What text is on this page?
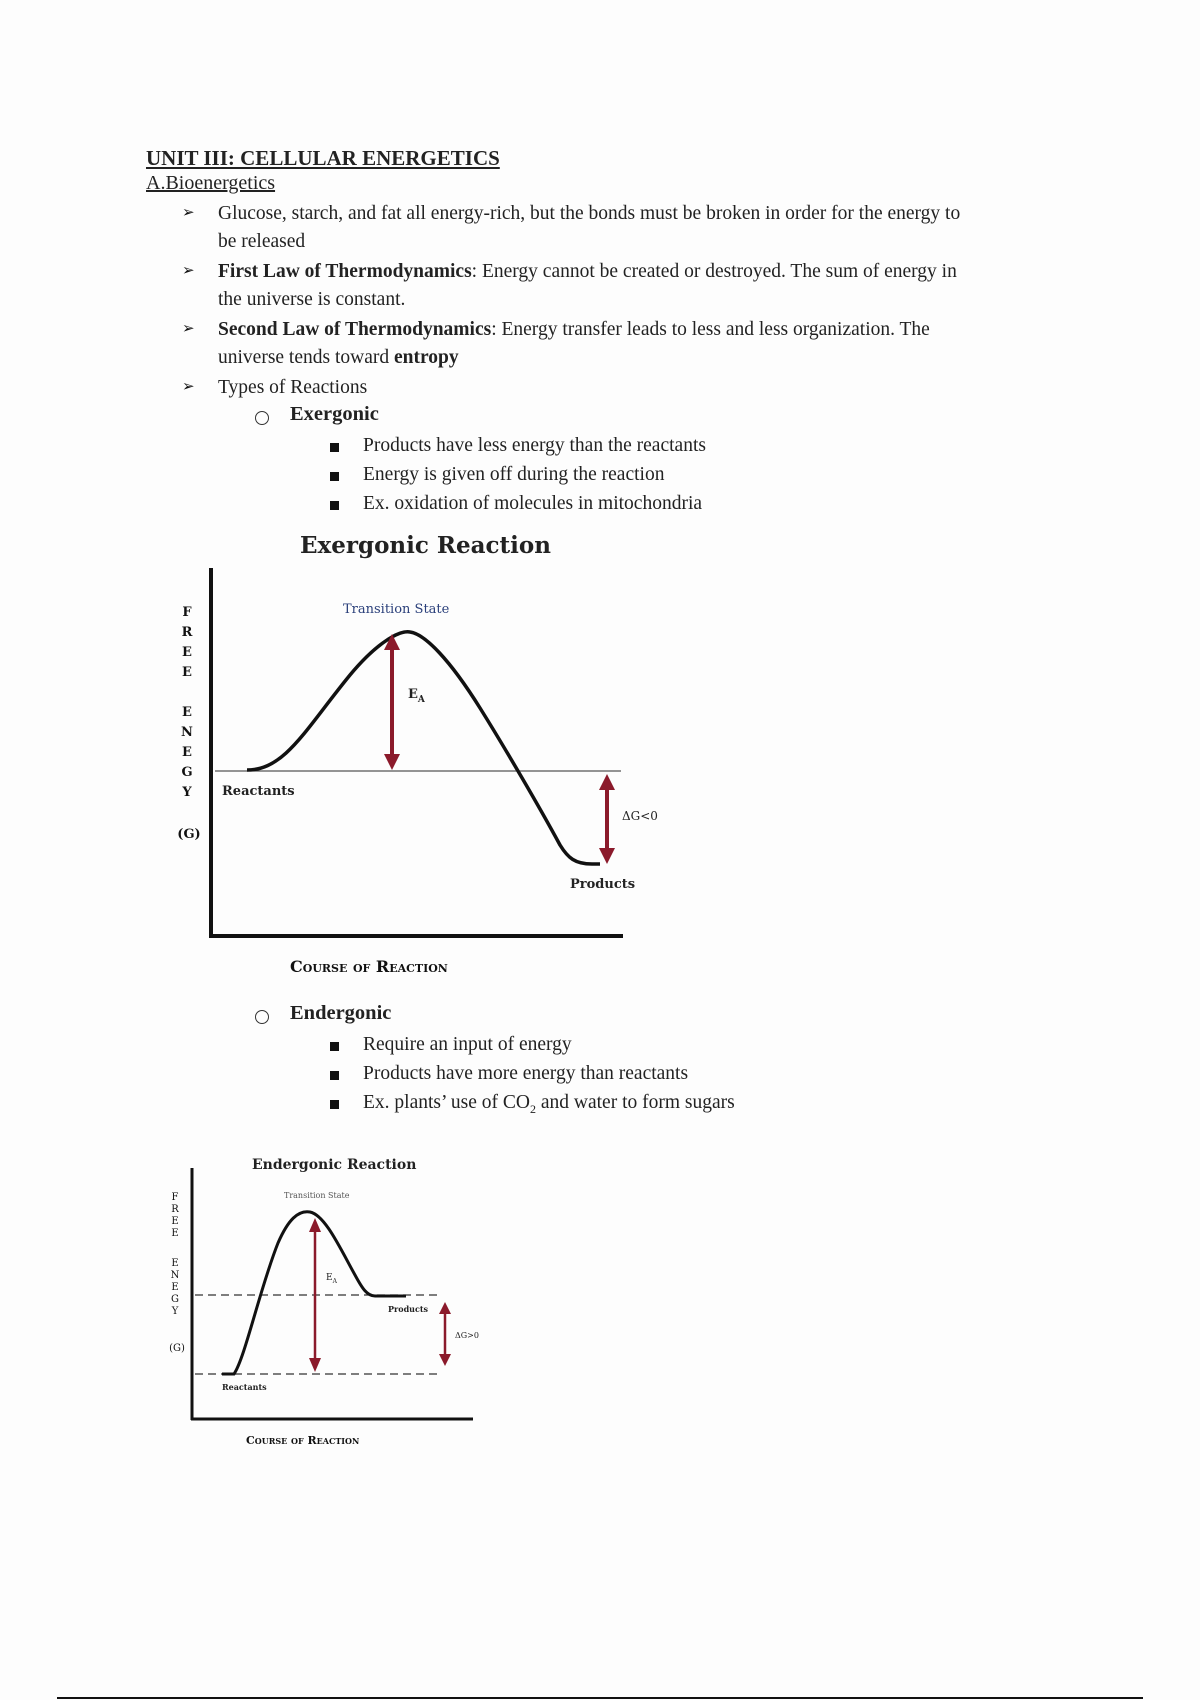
UNIT III: CELLULAR ENERGETICS
A.Bioenergetics
➢ Glucose, starch, and fat all energy-rich, but the bonds must be broken in order for the energy to
be released
➢ First Law of Thermodynamics: Energy cannot be created or destroyed. The sum of energy in
the universe is constant.
➢ Second Law of Thermodynamics: Energy transfer leads to less and less organization. The
universe tends toward entropy
➢ Types of Reactions
Exergonic
Products have less energy than the reactants
Energy is given off during the reaction
Ex. oxidation of molecules in mitochondria
Exergonic Reaction
F
R
E
E
E
N
E
G
Y
(G)
Transition State
$E_A$
Reactants
ΔG<0
Products
Course of Reaction
Endergonic
Require an input of energy
Products have more energy than reactants
Ex. plants’ use of $CO_2$ and water to form sugars
Endergonic Reaction
F
R
E
E
E
N
E
G
Y
(G)
Transition State
$E_A$
Reactants
Products
ΔG>0
Course of Reaction
